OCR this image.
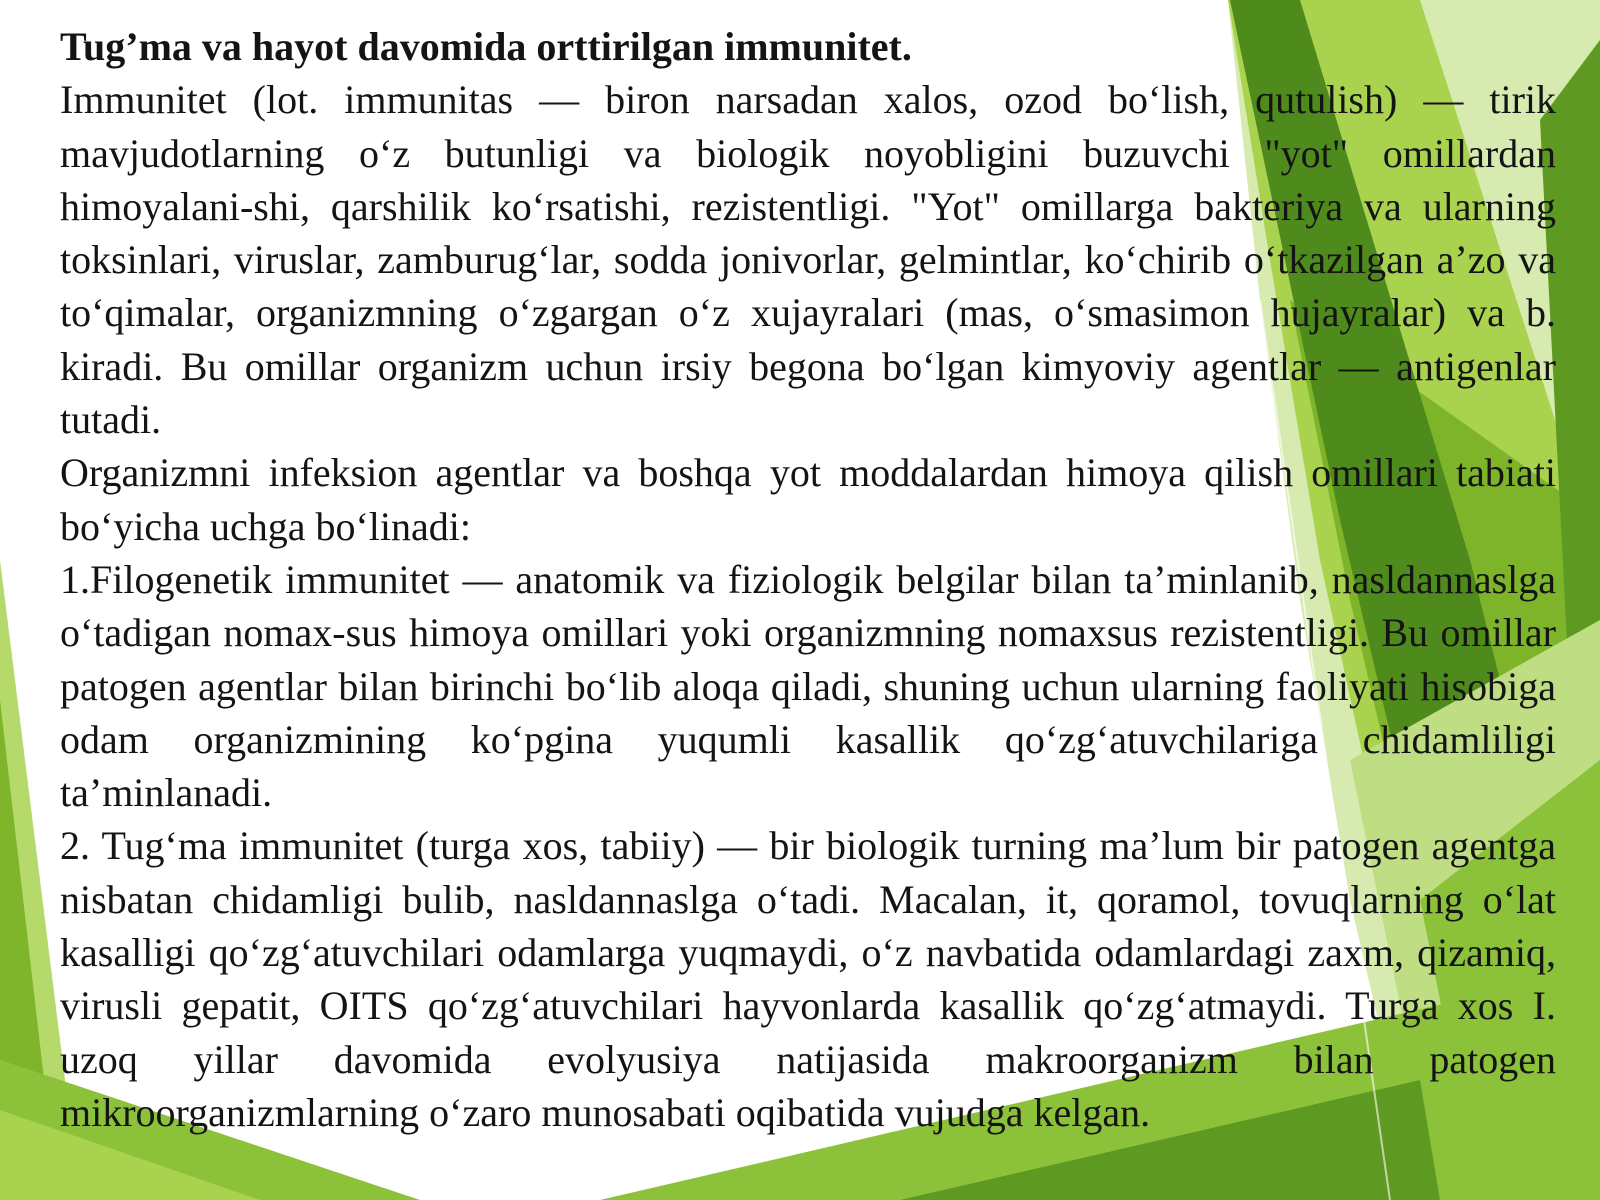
Tug’ma va hayot davomida orttirilgan immunitet.

Immunitet (lot. immunitas — biron narsadan xalos, ozod boʻlish, qutulish) — tirik mavjudotlarning oʻz butunligi va biologik noyobligini buzuvchi "yot" omillardan himoyalani-shi, qarshilik koʻrsatishi, rezistentligi. "Yot" omillarga bakteriya va ularning toksinlari, viruslar, zamburugʻlar, sodda jonivorlar, gelmintlar, koʻchirib oʻtkazilgan a’zo va toʻqimalar, organizmning oʻzgargan oʻz xujayralari (mas, oʻsmasimon hujayralar) va b. kiradi. Bu omillar organizm uchun irsiy begona boʻlgan kimyoviy agentlar — antigenlar tutadi.

Organizmni infeksion agentlar va boshqa yot moddalardan himoya qilish omillari tabiati boʻyicha uchga boʻlinadi:

1.Filogenetik immunitet — anatomik va fiziologik belgilar bilan ta’minlanib, nasldannaslga oʻtadigan nomax-sus himoya omillari yoki organizmning nomaxsus rezistentligi. Bu omillar patogen agentlar bilan birinchi boʻlib aloqa qiladi, shuning uchun ularning faoliyati hisobiga odam organizmining koʻpgina yuqumli kasallik qoʻzgʻatuvchilariga chidamliligi ta’minlanadi.

2. Tugʻma immunitet (turga xos, tabiiy) — bir biologik turning ma’lum bir patogen agentga nisbatan chidamligi bulib, nasldannaslga oʻtadi. Macalan, it, qoramol, tovuqlarning oʻlat kasalligi qoʻzgʻatuvchilari odamlarga yuqmaydi, oʻz navbatida odamlardagi zaxm, qizamiq, virusli gepatit, OITS qoʻzgʻatuvchilari hayvonlarda kasallik qoʻzgʻatmaydi. Turga xos I. uzoq yillar davomida evolyusiya natijasida makroorganizm bilan patogen mikroorganizmlarning oʻzaro munosabati oqibatida vujudga kelgan.
